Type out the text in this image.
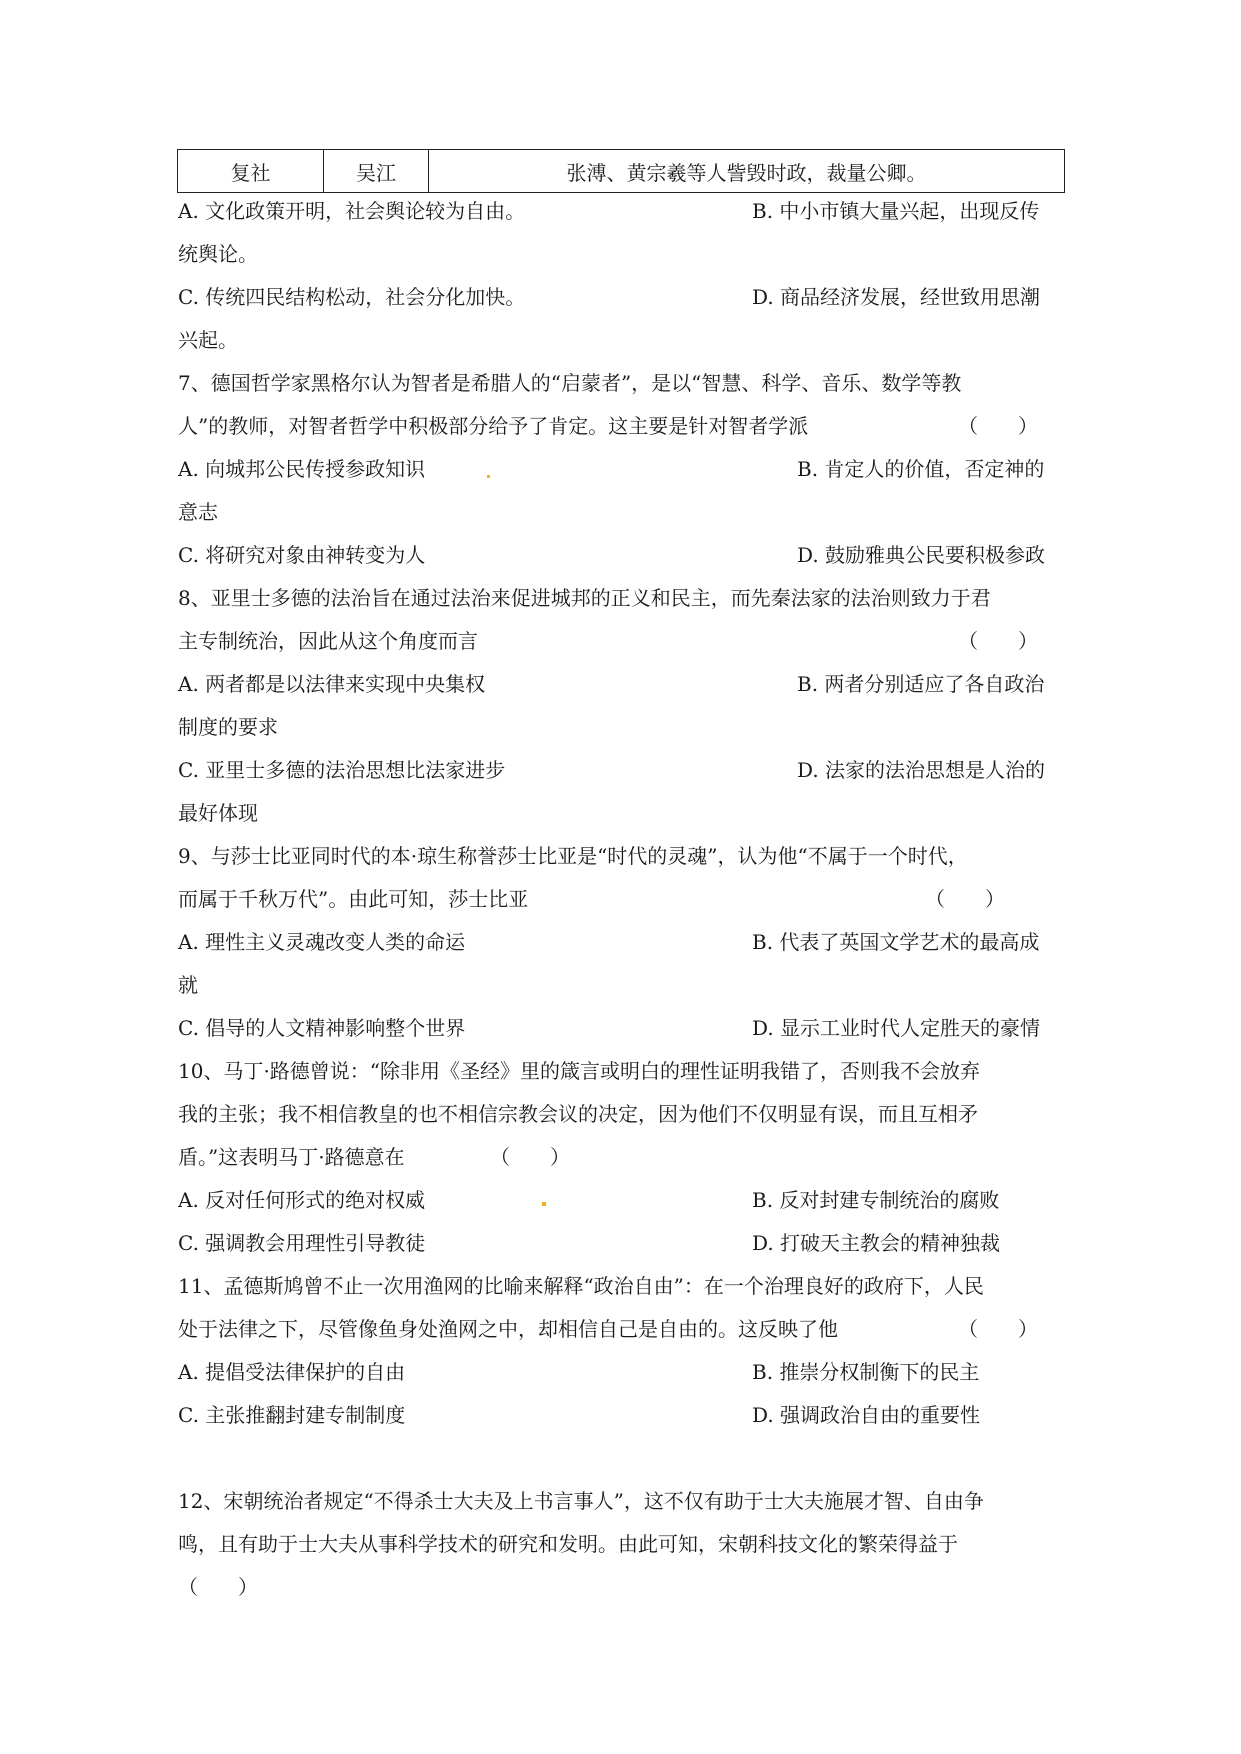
复社	吴江	张溥、黄宗羲等人訾毁时政，裁量公卿。
A. 文化政策开明，社会舆论较为自由。	B. 中小市镇大量兴起，出现反传
统舆论。
C. 传统四民结构松动，社会分化加快。	D. 商品经济发展，经世致用思潮
兴起。
7、德国哲学家黑格尔认为智者是希腊人的“启蒙者”，是以“智慧、科学、音乐、数学等教
人”的教师，对智者哲学中积极部分给予了肯定。这主要是针对智者学派	（　　）
A. 向城邦公民传授参政知识	B. 肯定人的价值，否定神的
意志
C. 将研究对象由神转变为人	D. 鼓励雅典公民要积极参政
8、亚里士多德的法治旨在通过法治来促进城邦的正义和民主，而先秦法家的法治则致力于君
主专制统治，因此从这个角度而言	（　　）
A. 两者都是以法律来实现中央集权	B. 两者分别适应了各自政治
制度的要求
C. 亚里士多德的法治思想比法家进步	D. 法家的法治思想是人治的
最好体现
9、与莎士比亚同时代的本·琼生称誉莎士比亚是“时代的灵魂”，认为他“不属于一个时代，
而属于千秋万代”。由此可知，莎士比亚	（　　）
A. 理性主义灵魂改变人类的命运	B. 代表了英国文学艺术的最高成
就
C. 倡导的人文精神影响整个世界	D. 显示工业时代人定胜天的豪情
10、马丁·路德曾说：“除非用《圣经》里的箴言或明白的理性证明我错了，否则我不会放弃
我的主张；我不相信教皇的也不相信宗教会议的决定，因为他们不仅明显有误，而且互相矛
盾。”这表明马丁·路德意在	（　　）
A. 反对任何形式的绝对权威	B. 反对封建专制统治的腐败
C. 强调教会用理性引导教徒	D. 打破天主教会的精神独裁
11、孟德斯鸠曾不止一次用渔网的比喻来解释“政治自由”：在一个治理良好的政府下，人民
处于法律之下，尽管像鱼身处渔网之中，却相信自己是自由的。这反映了他	（　　）
A. 提倡受法律保护的自由	B. 推崇分权制衡下的民主
C. 主张推翻封建专制制度	D. 强调政治自由的重要性
12、宋朝统治者规定“不得杀士大夫及上书言事人”，这不仅有助于士大夫施展才智、自由争
鸣，且有助于士大夫从事科学技术的研究和发明。由此可知，宋朝科技文化的繁荣得益于
（　　）
